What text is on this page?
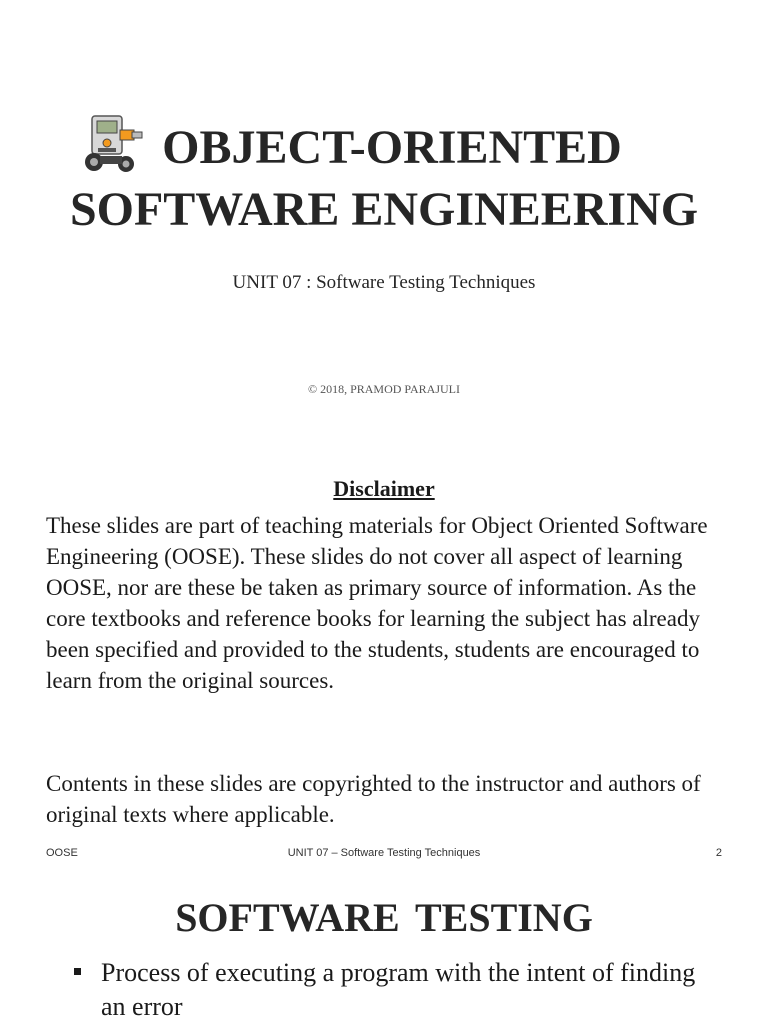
OBJECT-ORIENTED
SOFTWARE ENGINEERING
UNIT 07 : Software Testing Techniques
© 2018, PRAMOD PARAJULI
Disclaimer

These slides are part of teaching materials for Object Oriented Software Engineering (OOSE). These slides do not cover all aspect of learning OOSE, nor are these be taken as primary source of information. As the core textbooks and reference books for learning the subject has already been specified and provided to the students, students are encouraged to learn from the original sources.

Contents in these slides are copyrighted to the instructor and authors of original texts where applicable.

OOSE	UNIT 07 – Software Testing Techniques	2
SOFTWARE TESTING

Process of executing a program with the intent of finding an error
